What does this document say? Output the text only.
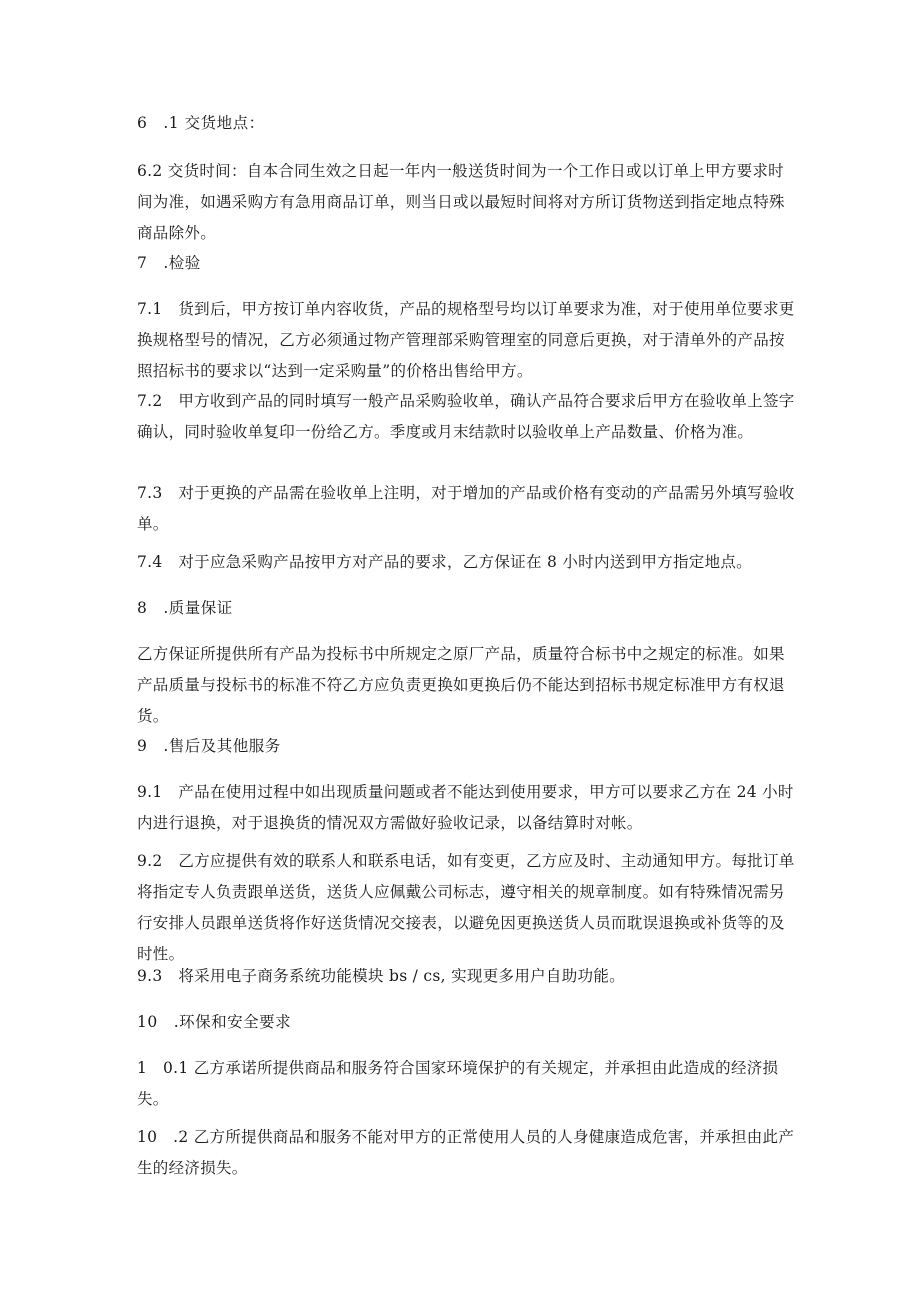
6　.1 交货地点：

6.2 交货时间：自本合同生效之日起一年内一般送货时间为一个工作日或以订单上甲方要求时间为准，如遇采购方有急用商品订单，则当日或以最短时间将对方所订货物送到指定地点特殊商品除外。

7　.检验

7.1　货到后，甲方按订单内容收货，产品的规格型号均以订单要求为准，对于使用单位要求更换规格型号的情况，乙方必须通过物产管理部采购管理室的同意后更换，对于清单外的产品按照招标书的要求以“达到一定采购量”的价格出售给甲方。

7.2　甲方收到产品的同时填写一般产品采购验收单，确认产品符合要求后甲方在验收单上签字确认，同时验收单复印一份给乙方。季度或月末结款时以验收单上产品数量、价格为准。

7.3　对于更换的产品需在验收单上注明，对于增加的产品或价格有变动的产品需另外填写验收单。

7.4　对于应急采购产品按甲方对产品的要求，乙方保证在 8 小时内送到甲方指定地点。

8　.质量保证

乙方保证所提供所有产品为投标书中所规定之原厂产品，质量符合标书中之规定的标准。如果产品质量与投标书的标准不符乙方应负责更换如更换后仍不能达到招标书规定标准甲方有权退货。

9　.售后及其他服务

9.1　产品在使用过程中如出现质量问题或者不能达到使用要求，甲方可以要求乙方在 24 小时内进行退换，对于退换货的情况双方需做好验收记录，以备结算时对帐。

9.2　乙方应提供有效的联系人和联系电话，如有变更，乙方应及时、主动通知甲方。每批订单将指定专人负责跟单送货，送货人应佩戴公司标志，遵守相关的规章制度。如有特殊情况需另行安排人员跟单送货将作好送货情况交接表，以避免因更换送货人员而耽误退换或补货等的及时性。

9.3　将采用电子商务系统功能模块 bs / cs, 实现更多用户自助功能。

10　.环保和安全要求

1　0.1 乙方承诺所提供商品和服务符合国家环境保护的有关规定，并承担由此造成的经济损失。

10　.2 乙方所提供商品和服务不能对甲方的正常使用人员的人身健康造成危害，并承担由此产生的经济损失。
